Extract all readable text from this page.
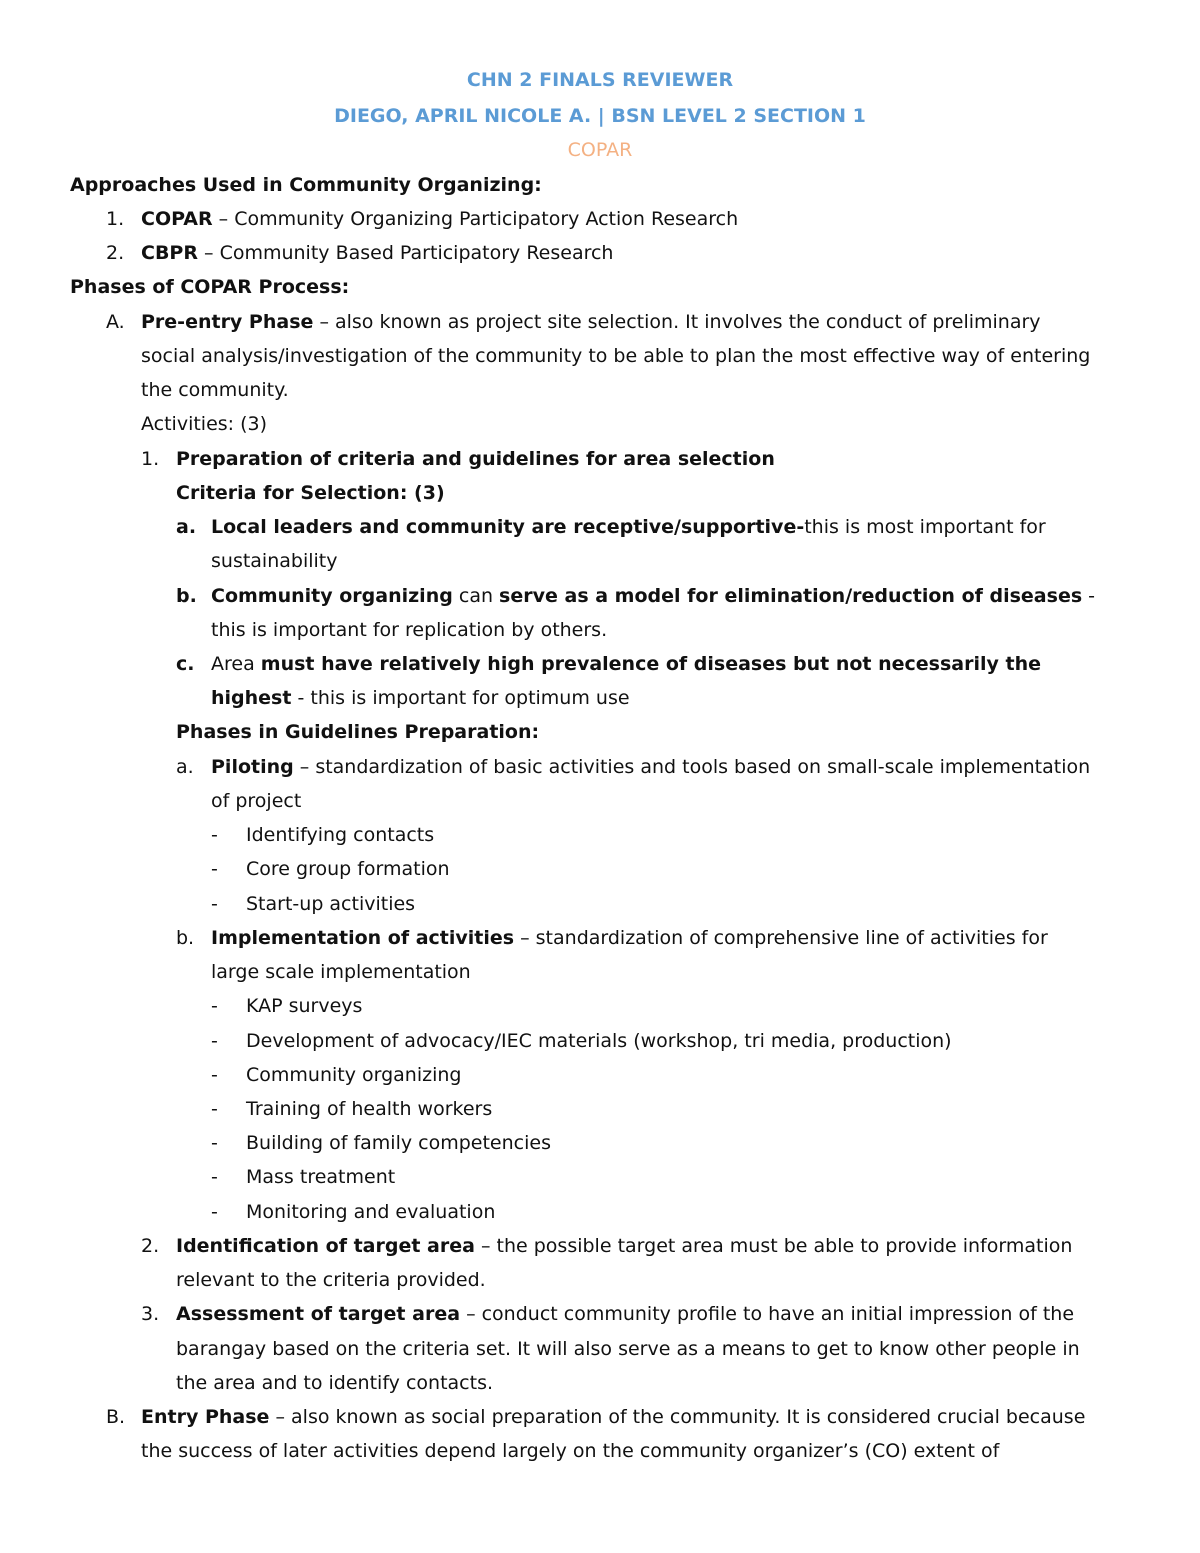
CHN 2 FINALS REVIEWER
DIEGO, APRIL NICOLE A. | BSN LEVEL 2 SECTION 1
COPAR
Approaches Used in Community Organizing:
1. COPAR – Community Organizing Participatory Action Research
2. CBPR – Community Based Participatory Research
Phases of COPAR Process:
A. Pre-entry Phase – also known as project site selection. It involves the conduct of preliminary
social analysis/investigation of the community to be able to plan the most effective way of entering
the community.
Activities: (3)
1. Preparation of criteria and guidelines for area selection
Criteria for Selection: (3)
a. Local leaders and community are receptive/supportive-this is most important for
sustainability
b. Community organizing can serve as a model for elimination/reduction of diseases -
this is important for replication by others.
c. Area must have relatively high prevalence of diseases but not necessarily the
highest - this is important for optimum use
Phases in Guidelines Preparation:
a. Piloting – standardization of basic activities and tools based on small-scale implementation
of project
- Identifying contacts
- Core group formation
- Start-up activities
b. Implementation of activities – standardization of comprehensive line of activities for
large scale implementation
- KAP surveys
- Development of advocacy/IEC materials (workshop, tri media, production)
- Community organizing
- Training of health workers
- Building of family competencies
- Mass treatment
- Monitoring and evaluation
2. Identification of target area – the possible target area must be able to provide information
relevant to the criteria provided.
3. Assessment of target area – conduct community profile to have an initial impression of the
barangay based on the criteria set. It will also serve as a means to get to know other people in
the area and to identify contacts.
B. Entry Phase – also known as social preparation of the community. It is considered crucial because
the success of later activities depend largely on the community organizer’s (CO) extent of
